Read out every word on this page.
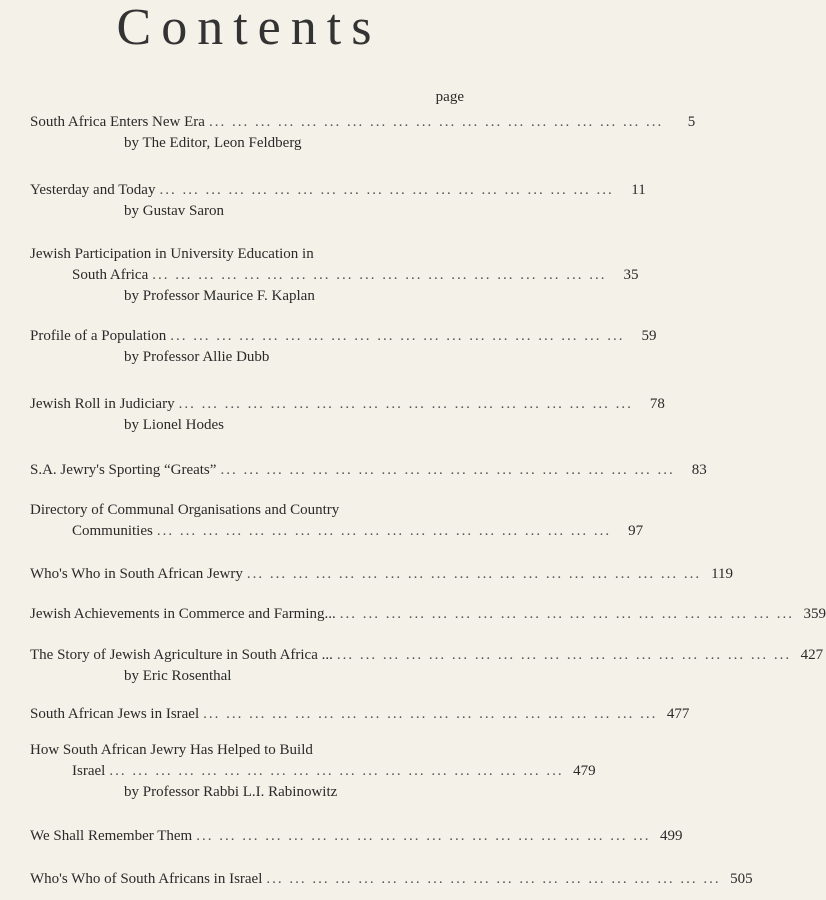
Contents
page
South Africa Enters New Era ... ... ... ... ... ... ... ... ... ... ... ... ... ... ... ... ... ... ... ...	5
by The Editor, Leon Feldberg
Yesterday and Today ... ... ... ... ... ... ... ... ... ... ... ... ... ... ... ... ... ... ... ...	11
by Gustav Saron
Jewish Participation in University Education in
South Africa ... ... ... ... ... ... ... ... ... ... ... ... ... ... ... ... ... ... ... ...	35
by Professor Maurice F. Kaplan
Profile of a Population ... ... ... ... ... ... ... ... ... ... ... ... ... ... ... ... ... ... ... ...	59
by Professor Allie Dubb
Jewish Roll in Judiciary ... ... ... ... ... ... ... ... ... ... ... ... ... ... ... ... ... ... ... ...	78
by Lionel Hodes
S.A. Jewry's Sporting “Greats” ... ... ... ... ... ... ... ... ... ... ... ... ... ... ... ... ... ... ... ...	83
Directory of Communal Organisations and Country
Communities ... ... ... ... ... ... ... ... ... ... ... ... ... ... ... ... ... ... ... ...	97
Who's Who in South African Jewry ... ... ... ... ... ... ... ... ... ... ... ... ... ... ... ... ... ... ... ... 119
Jewish Achievements in Commerce and Farming... ... ... ... ... ... ... ... ... ... ... ... ... ... ... ... ... ... ... ... ... 359
The Story of Jewish Agriculture in South Africa ... ... ... ... ... ... ... ... ... ... ... ... ... ... ... ... ... ... ... ... ... 427
by Eric Rosenthal
South African Jews in Israel ... ... ... ... ... ... ... ... ... ... ... ... ... ... ... ... ... ... ... ... 477
How South African Jewry Has Helped to Build
Israel ... ... ... ... ... ... ... ... ... ... ... ... ... ... ... ... ... ... ... ... 479
by Professor Rabbi L.I. Rabinowitz
We Shall Remember Them ... ... ... ... ... ... ... ... ... ... ... ... ... ... ... ... ... ... ... ... 499
Who's Who of South Africans in Israel ... ... ... ... ... ... ... ... ... ... ... ... ... ... ... ... ... ... ... ... 505
